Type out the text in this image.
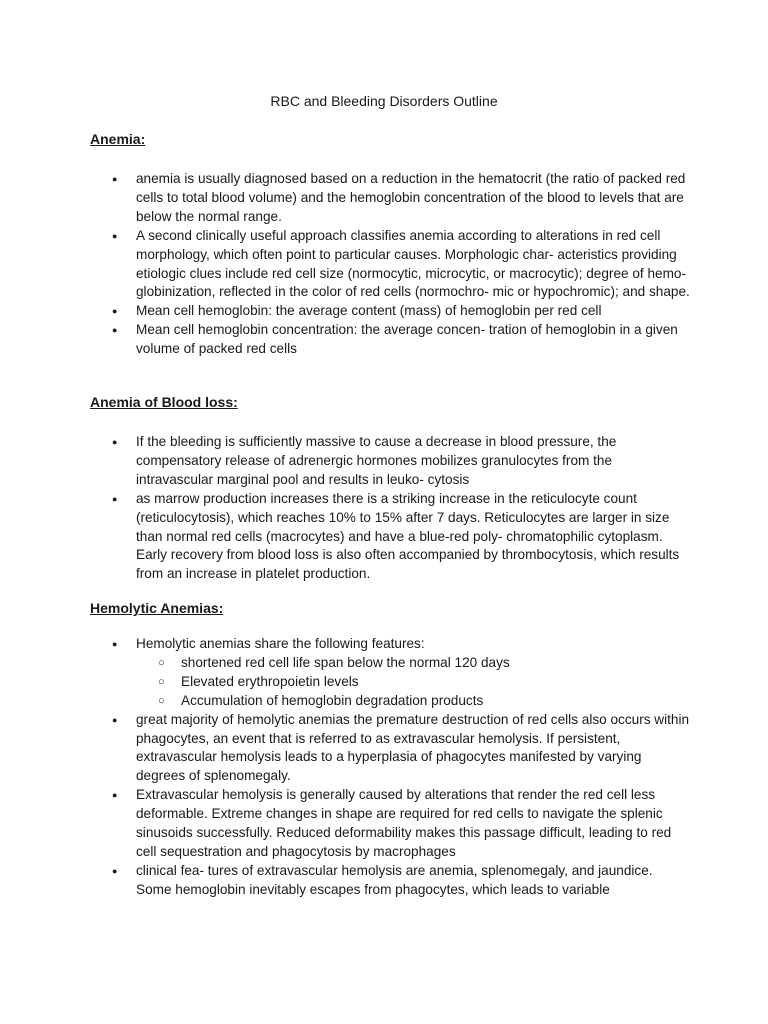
RBC and Bleeding Disorders Outline
Anemia:
● anemia is usually diagnosed based on a reduction in the hematocrit (the ratio of packed red cells to total blood volume) and the hemoglobin concentration of the blood to levels that are below the normal range.
● A second clinically useful approach classifies anemia according to alterations in red cell morphology, which often point to particular causes. Morphologic char- acteristics providing etiologic clues include red cell size (normocytic, microcytic, or macrocytic); degree of hemo- globinization, reflected in the color of red cells (normochro- mic or hypochromic); and shape.
● Mean cell hemoglobin: the average content (mass) of hemoglobin per red cell
● Mean cell hemoglobin concentration: the average concen- tration of hemoglobin in a given volume of packed red cells
Anemia of Blood loss:
● If the bleeding is sufficiently massive to cause a decrease in blood pressure, the compensatory release of adrenergic hormones mobilizes granulocytes from the intravascular marginal pool and results in leuko- cytosis
● as marrow production increases there is a striking increase in the reticulocyte count (reticulocytosis), which reaches 10% to 15% after 7 days. Reticulocytes are larger in size than normal red cells (macrocytes) and have a blue-red poly- chromatophilic cytoplasm. Early recovery from blood loss is also often accompanied by thrombocytosis, which results from an increase in platelet production.
Hemolytic Anemias:
● Hemolytic anemias share the following features:
○ shortened red cell life span below the normal 120 days
○ Elevated erythropoietin levels
○ Accumulation of hemoglobin degradation products
● great majority of hemolytic anemias the premature destruction of red cells also occurs within phagocytes, an event that is referred to as extravascular hemolysis. If persistent, extravascular hemolysis leads to a hyperplasia of phagocytes manifested by varying degrees of splenomegaly.
● Extravascular hemolysis is generally caused by alterations that render the red cell less deformable. Extreme changes in shape are required for red cells to navigate the splenic sinusoids successfully. Reduced deformability makes this passage difficult, leading to red cell sequestration and phagocytosis by macrophages
● clinical fea- tures of extravascular hemolysis are anemia, splenomegaly, and jaundice. Some hemoglobin inevitably escapes from phagocytes, which leads to variable
